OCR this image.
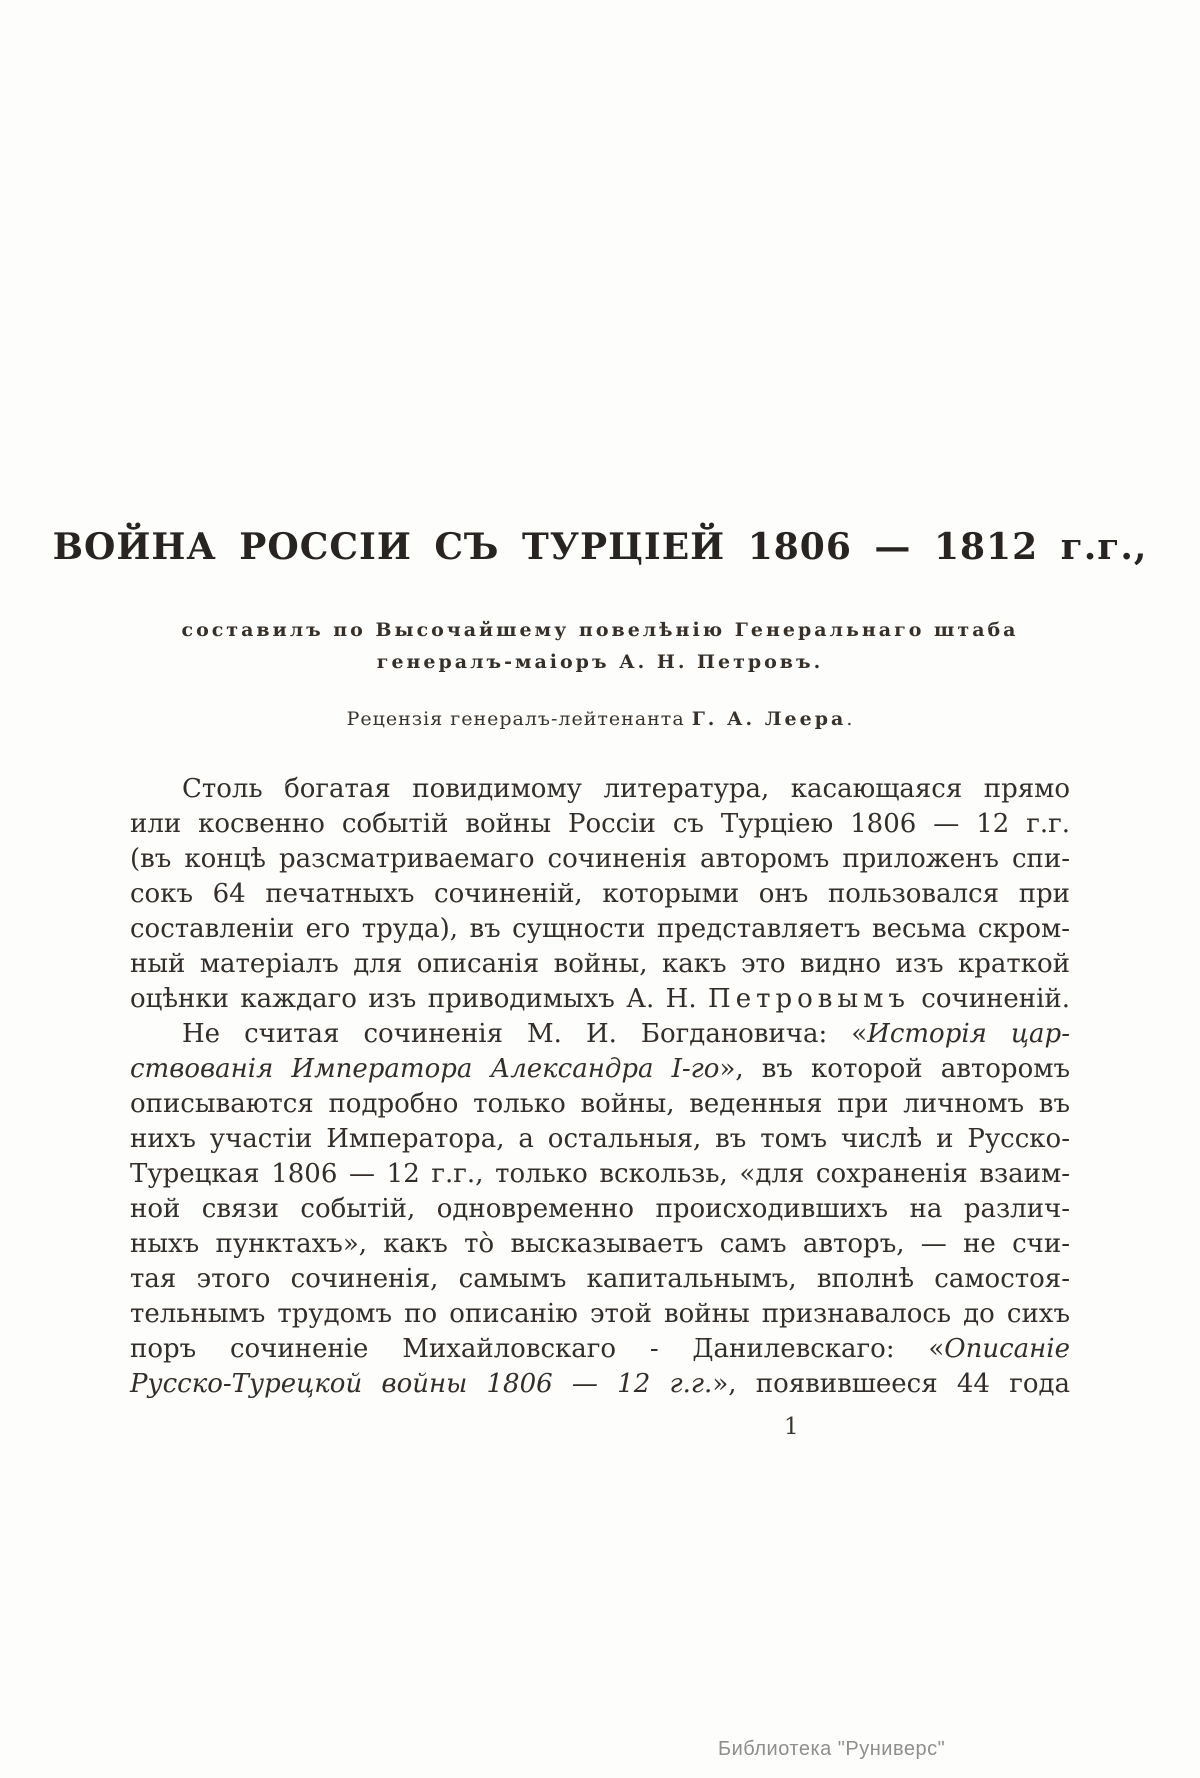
ВОЙНА РОССІИ СЪ ТУРЦІЕЙ 1806 — 1812 г.г.,
составилъ по Высочайшему повелѣнію Генеральнаго штаба
генералъ-маіоръ А. Н. Петровъ.
Рецензія генералъ-лейтенанта Г. А. Леера.
Столь богатая повидимому литература, касающаяся прямо
или косвенно событій войны Россіи съ Турціею 1806 — 12 г.г.
(въ концѣ разсматриваемаго сочиненія авторомъ приложенъ спи-
сокъ 64 печатныхъ сочиненій, которыми онъ пользовался при
составленіи его труда), въ сущности представляетъ весьма скром-
ный матеріалъ для описанія войны, какъ это видно изъ краткой
оцѣнки каждаго изъ приводимыхъ А. Н. Петровымъ сочиненій.
Не считая сочиненія М. И. Богдановича: «Исторія цар-
ствованія Императора Александра I-го», въ которой авторомъ
описываются подробно только войны, веденныя при личномъ въ
нихъ участіи Императора, а остальныя, въ томъ числѣ и Русско-
Турецкая 1806 — 12 г.г., только вскользь, «для сохраненія взаим-
ной связи событій, одновременно происходившихъ на различ-
ныхъ пунктахъ», какъ то̀ высказываетъ самъ авторъ, — не счи-
тая этого сочиненія, самымъ капитальнымъ, вполнѣ самостоя-
тельнымъ трудомъ по описанію этой войны признавалось до сихъ
поръ сочиненіе Михайловскаго - Данилевскаго: «Описаніе
Русско-Турецкой войны 1806 — 12 г.г.», появившееся 44 года
1
Библиотека "Руниверс"
